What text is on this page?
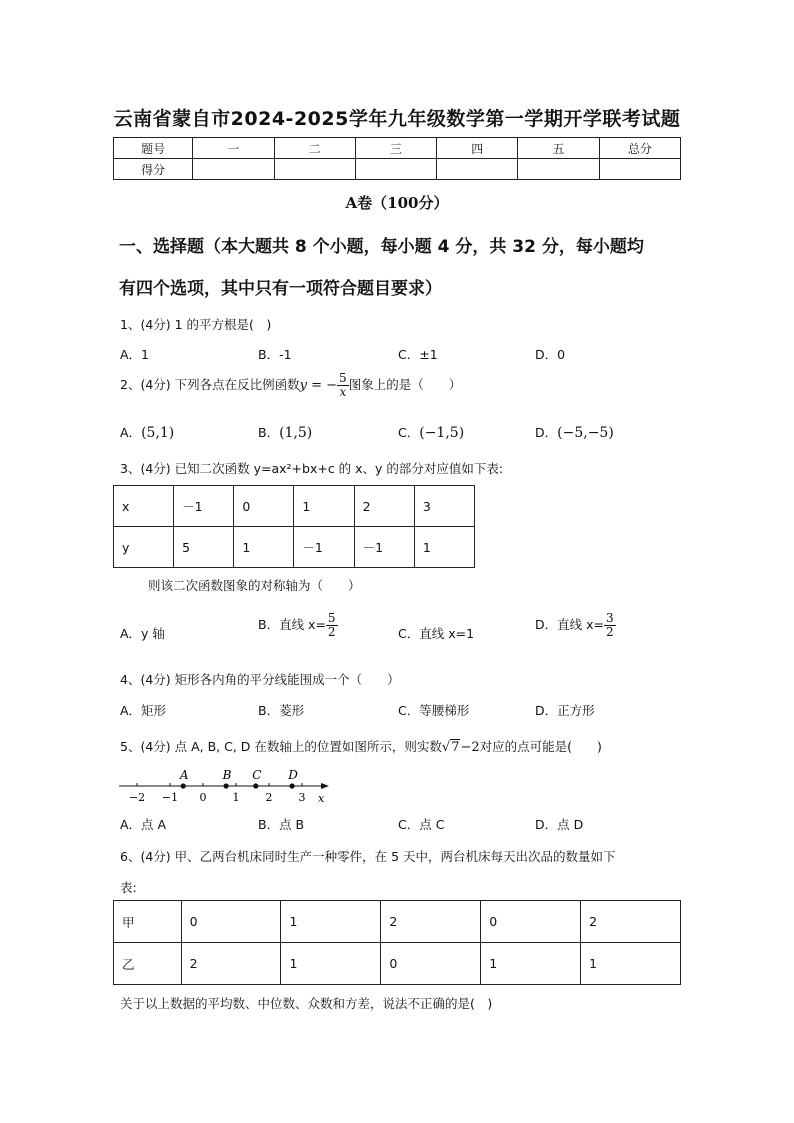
云南省蒙自市2024-2025学年九年级数学第一学期开学联考试题
题号	一	二	三	四	五	总分
得分						
A卷（100分）
一、选择题（本大题共 8 个小题，每小题 4 分，共 32 分，每小题均
有四个选项，其中只有一项符合题目要求）
1、(4分) 1 的平方根是(　)
A．1	B．-1	C．±1	D．0
2、(4分) 下列各点在反比例函数y = − $\frac{5}{x}$ 图象上的是（　　）
A．(5,1)	B．(1,5)	C．(−1,5)	D．(−5,−5)
3、(4分) 已知二次函数 y=ax²+bx+c 的 x、y 的部分对应值如下表:
x	－1	0	1	2	3
y	5	1	－1	－1	1
则该二次函数图象的对称轴为（　　）
A．y 轴
B．直线 $x= \frac{5}{2}$	C．直线 x=1
D．直线 $x= \frac{3}{2}$
4、(4分) 矩形各内角的平分线能围成一个（　　）
A．矩形	B．菱形	C．等腰梯形	D．正方形
5、(4分) 点 A, B, C, D 在数轴上的位置如图所示，则实数√7−2对应的点可能是(　　)
−2 −1 0 1 2 3
A	B C D
x
A．点 A	B．点 B	C．点 C	D．点 D
6、(4分) 甲、乙两台机床同时生产一种零件，在 5 天中，两台机床每天出次品的数量如下
表:
甲	0	1	2	0	2
乙	2	1	0	1	1
关于以上数据的平均数、中位数、众数和方差，说法不正确的是(　)
